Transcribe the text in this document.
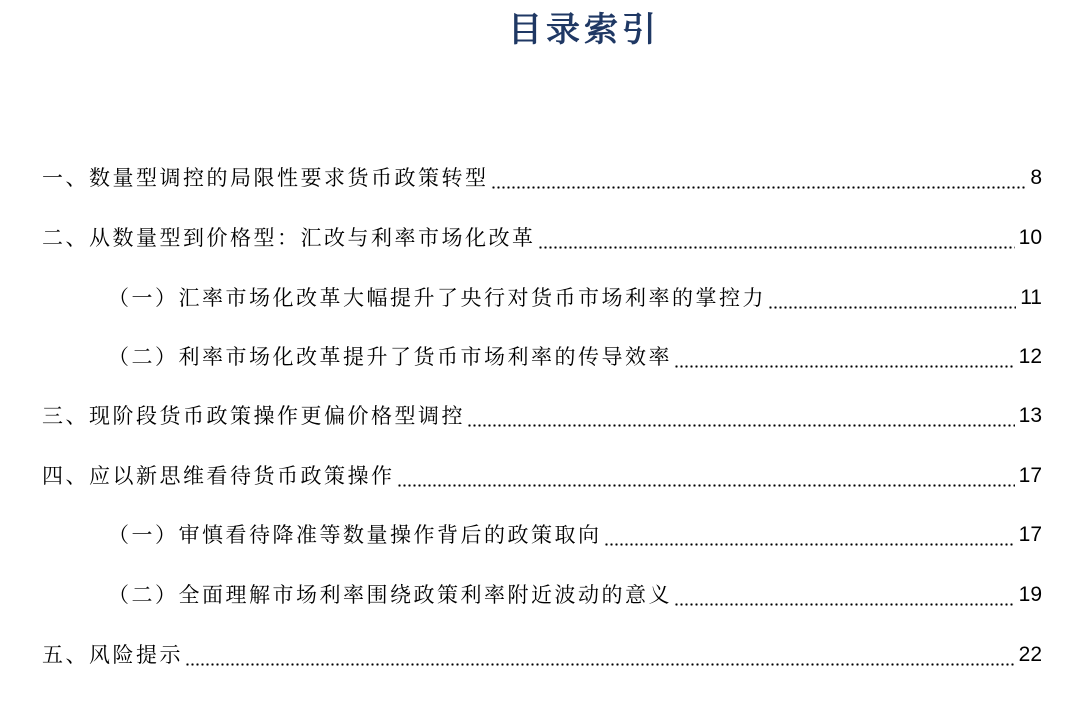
目录索引
一、数量型调控的局限性要求货币政策转型	8
二、从数量型到价格型：汇改与利率市场化改革	10
（一）汇率市场化改革大幅提升了央行对货币市场利率的掌控力	11
（二）利率市场化改革提升了货币市场利率的传导效率	12
三、现阶段货币政策操作更偏价格型调控	13
四、应以新思维看待货币政策操作	17
（一）审慎看待降准等数量操作背后的政策取向	17
（二）全面理解市场利率围绕政策利率附近波动的意义	19
五、风险提示	22
